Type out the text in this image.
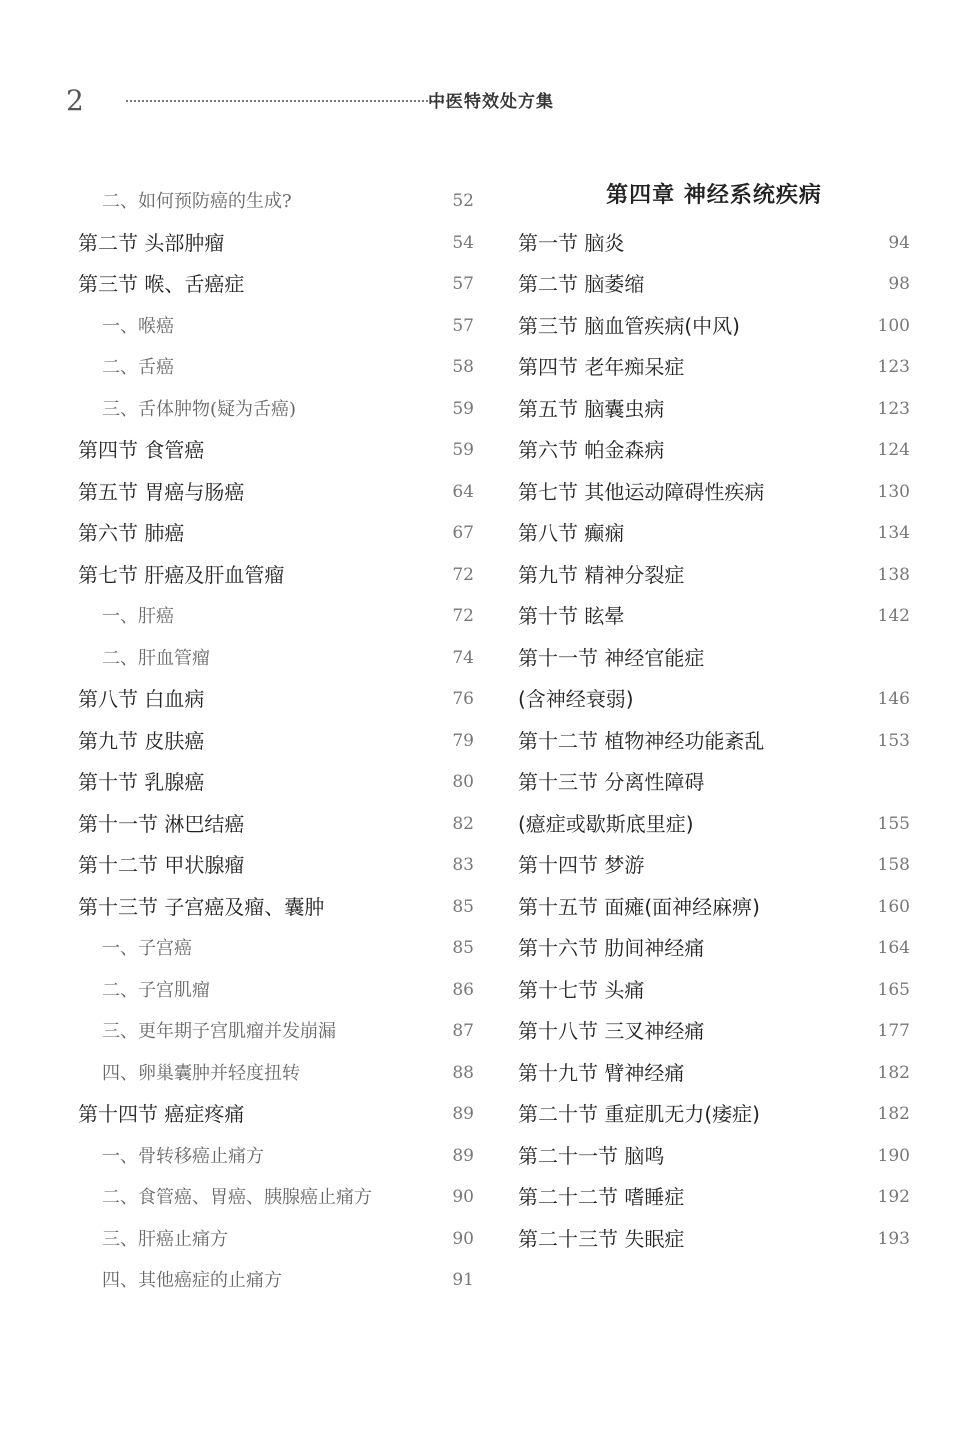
2	中医特效处方集
二、如何预防癌的生成?	52
第二节 头部肿瘤	54
第三节 喉、舌癌症	57
一、喉癌	57
二、舌癌	58
三、舌体肿物(疑为舌癌)	59
第四节 食管癌	59
第五节 胃癌与肠癌	64
第六节 肺癌	67
第七节 肝癌及肝血管瘤	72
一、肝癌	72
二、肝血管瘤	74
第八节 白血病	76
第九节 皮肤癌	79
第十节 乳腺癌	80
第十一节 淋巴结癌	82
第十二节 甲状腺瘤	83
第十三节 子宫癌及瘤、囊肿	85
一、子宫癌	85
二、子宫肌瘤	86
三、更年期子宫肌瘤并发崩漏	87
四、卵巢囊肿并轻度扭转	88
第十四节 癌症疼痛	89
一、骨转移癌止痛方	89
二、食管癌、胃癌、胰腺癌止痛方	90
三、肝癌止痛方	90
四、其他癌症的止痛方	91
第四章 神经系统疾病
第一节 脑炎	94
第二节 脑萎缩	98
第三节 脑血管疾病(中风)	100
第四节 老年痴呆症	123
第五节 脑囊虫病	123
第六节 帕金森病	124
第七节 其他运动障碍性疾病	130
第八节 癫痫	134
第九节 精神分裂症	138
第十节 眩晕	142
第十一节 神经官能症
(含神经衰弱)	146
第十二节 植物神经功能紊乱	153
第十三节 分离性障碍
(癔症或歇斯底里症)	155
第十四节 梦游	158
第十五节 面瘫(面神经麻痹)	160
第十六节 肋间神经痛	164
第十七节 头痛	165
第十八节 三叉神经痛	177
第十九节 臂神经痛	182
第二十节 重症肌无力(痿症)	182
第二十一节 脑鸣	190
第二十二节 嗜睡症	192
第二十三节 失眠症	193
